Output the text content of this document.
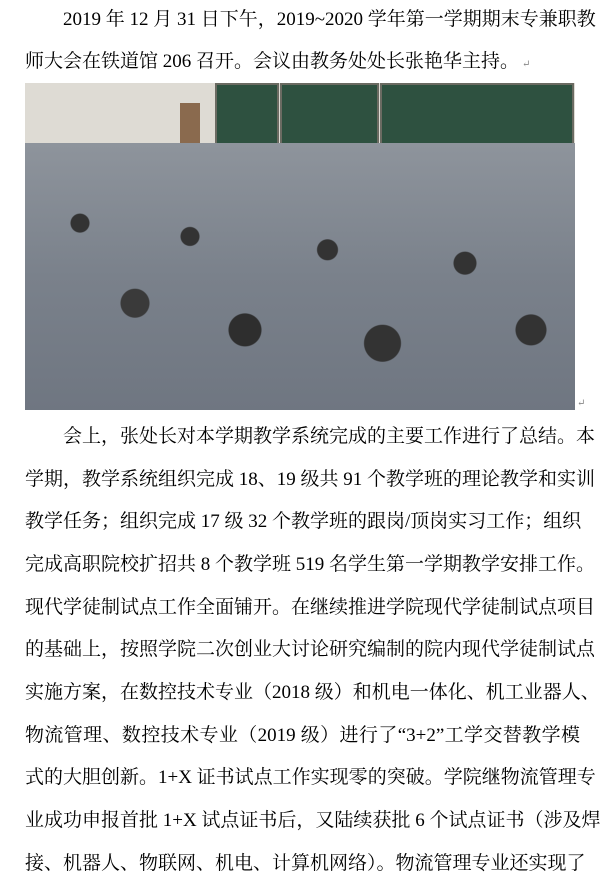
2019 年 12 月 31 日下午，2019~2020 学年第一学期期末专兼职教
师大会在铁道馆 206 召开。会议由教务处处长张艳华主持。 ↵
↵
会上，张处长对本学期教学系统完成的主要工作进行了总结。本
学期，教学系统组织完成 18、19 级共 91 个教学班的理论教学和实训
教学任务；组织完成 17 级 32 个教学班的跟岗/顶岗实习工作；组织
完成高职院校扩招共 8 个教学班 519 名学生第一学期教学安排工作。
现代学徒制试点工作全面铺开。在继续推进学院现代学徒制试点项目
的基础上，按照学院二次创业大讨论研究编制的院内现代学徒制试点
实施方案，在数控技术专业（2018 级）和机电一体化、机工业器人、
物流管理、数控技术专业（2019 级）进行了“3+2”工学交替教学模
式的大胆创新。1+X 证书试点工作实现零的突破。学院继物流管理专
业成功申报首批 1+X 试点证书后，又陆续获批 6 个试点证书（涉及焊
接、机器人、物联网、机电、计算机网络）。物流管理专业还实现了
